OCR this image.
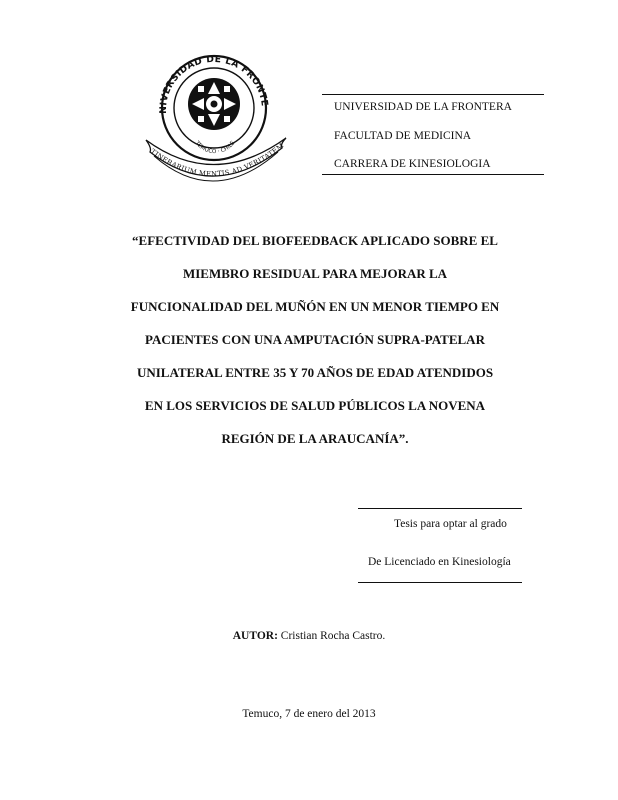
NIVERSIDAD DE LA FRONTE
TEMUCO · CHILE
TINERARIUM MENTIS AD VERITATEM
UNIVERSIDAD DE LA FRONTERA
FACULTAD DE MEDICINA
CARRERA DE KINESIOLOGIA
“EFECTIVIDAD DEL BIOFEEDBACK APLICADO SOBRE EL
MIEMBRO RESIDUAL PARA MEJORAR LA
FUNCIONALIDAD DEL MUÑÓN EN UN MENOR TIEMPO EN
PACIENTES CON UNA AMPUTACIÓN SUPRA-PATELAR
UNILATERAL ENTRE 35 Y 70 AÑOS DE EDAD ATENDIDOS
EN LOS SERVICIOS DE SALUD PÚBLICOS LA NOVENA
REGIÓN DE LA ARAUCANÍA”.
Tesis para optar al grado
De Licenciado en Kinesiología
AUTOR: Cristian Rocha Castro.
Temuco, 7 de enero del 2013
